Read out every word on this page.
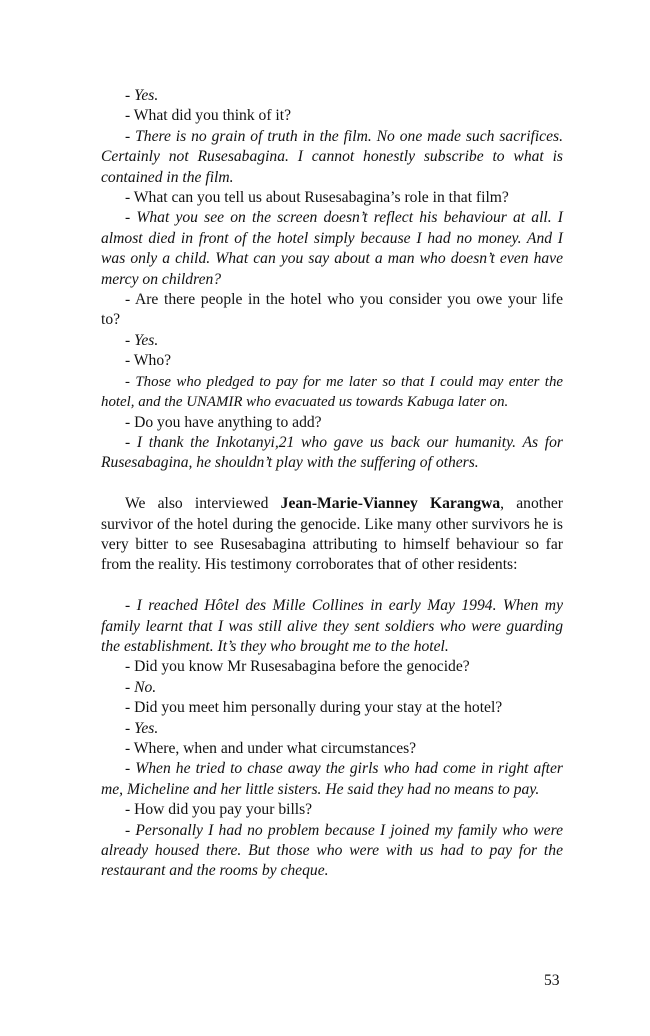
- Yes.

- What did you think of it?

- There is no grain of truth in the film. No one made such sacrifices. Certainly not Rusesabagina. I cannot honestly subscribe to what is contained in the film.

- What can you tell us about Rusesabagina’s role in that film?

- What you see on the screen doesn’t reflect his behaviour at all. I almost died in front of the hotel simply because I had no money. And I was only a child. What can you say about a man who doesn’t even have mercy on children?

- Are there people in the hotel who you consider you owe your life to?

- Yes.

- Who?

- Those who pledged to pay for me later so that I could may enter the hotel, and the UNAMIR who evacuated us towards Kabuga later on.

- Do you have anything to add?

- I thank the Inkotanyi,21 who gave us back our humanity. As for Rusesabagina, he shouldn’t play with the suffering of others.

We also interviewed Jean-Marie-Vianney Karangwa, another survivor of the hotel during the genocide. Like many other survivors he is very bitter to see Rusesabagina attributing to himself behaviour so far from the reality. His testimony corroborates that of other residents:

- I reached Hôtel des Mille Collines in early May 1994. When my family learnt that I was still alive they sent soldiers who were guarding the establishment. It’s they who brought me to the hotel.

- Did you know Mr Rusesabagina before the genocide?

- No.

- Did you meet him personally during your stay at the hotel?

- Yes.

- Where, when and under what circumstances?

- When he tried to chase away the girls who had come in right after me, Micheline and her little sisters. He said they had no means to pay.

- How did you pay your bills?

- Personally I had no problem because I joined my family who were already housed there. But those who were with us had to pay for the restaurant and the rooms by cheque.

53
